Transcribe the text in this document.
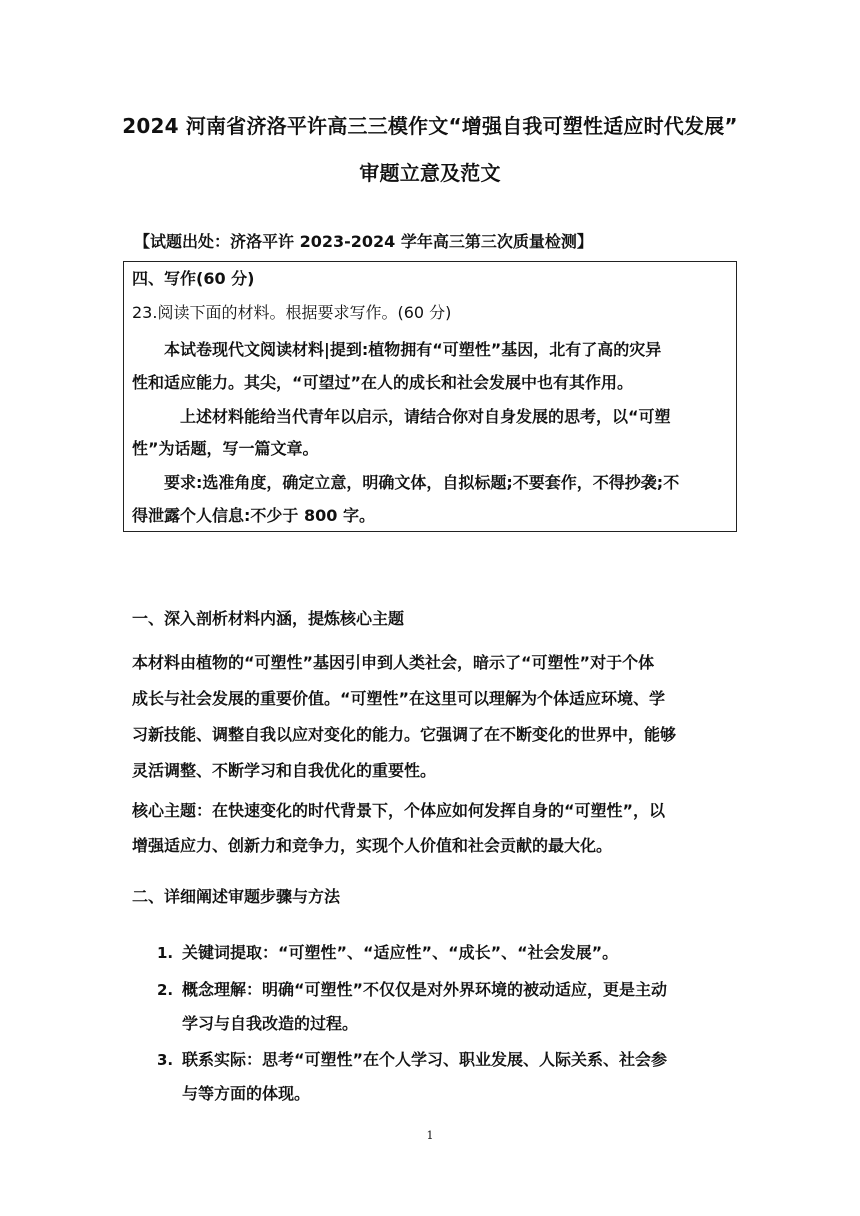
2024 河南省济洛平许高三三模作文“增强自我可塑性适应时代发展”
审题立意及范文
【试题出处：济洛平许 2023-2024 学年高三第三次质量检测】
四、写作(60 分)
23.阅读下面的材料。根据要求写作。(60 分)
本试卷现代文阅读材料|提到:植物拥有“可塑性”基因，北有了高的灾异
性和适应能力。其尖，“可望过”在人的成长和社会发展中也有其作用。
上述材料能给当代青年以启示，请结合你对自身发展的思考，以“可塑
性”为话题，写一篇文章。
要求:选准角度，确定立意，明确文体，自拟标题;不要套作，不得抄袭;不
得泄露个人信息:不少于 800 字。
一、深入剖析材料内涵，提炼核心主题
本材料由植物的“可塑性”基因引申到人类社会，暗示了“可塑性”对于个体
成长与社会发展的重要价值。“可塑性”在这里可以理解为个体适应环境、学
习新技能、调整自我以应对变化的能力。它强调了在不断变化的世界中，能够
灵活调整、不断学习和自我优化的重要性。
核心主题：在快速变化的时代背景下，个体应如何发挥自身的“可塑性”，以
增强适应力、创新力和竞争力，实现个人价值和社会贡献的最大化。
二、详细阐述审题步骤与方法
1. 关键词提取：“可塑性”、“适应性”、“成长”、“社会发展”。
2. 概念理解：明确“可塑性”不仅仅是对外界环境的被动适应，更是主动
学习与自我改造的过程。
3. 联系实际：思考“可塑性”在个人学习、职业发展、人际关系、社会参
与等方面的体现。
1
